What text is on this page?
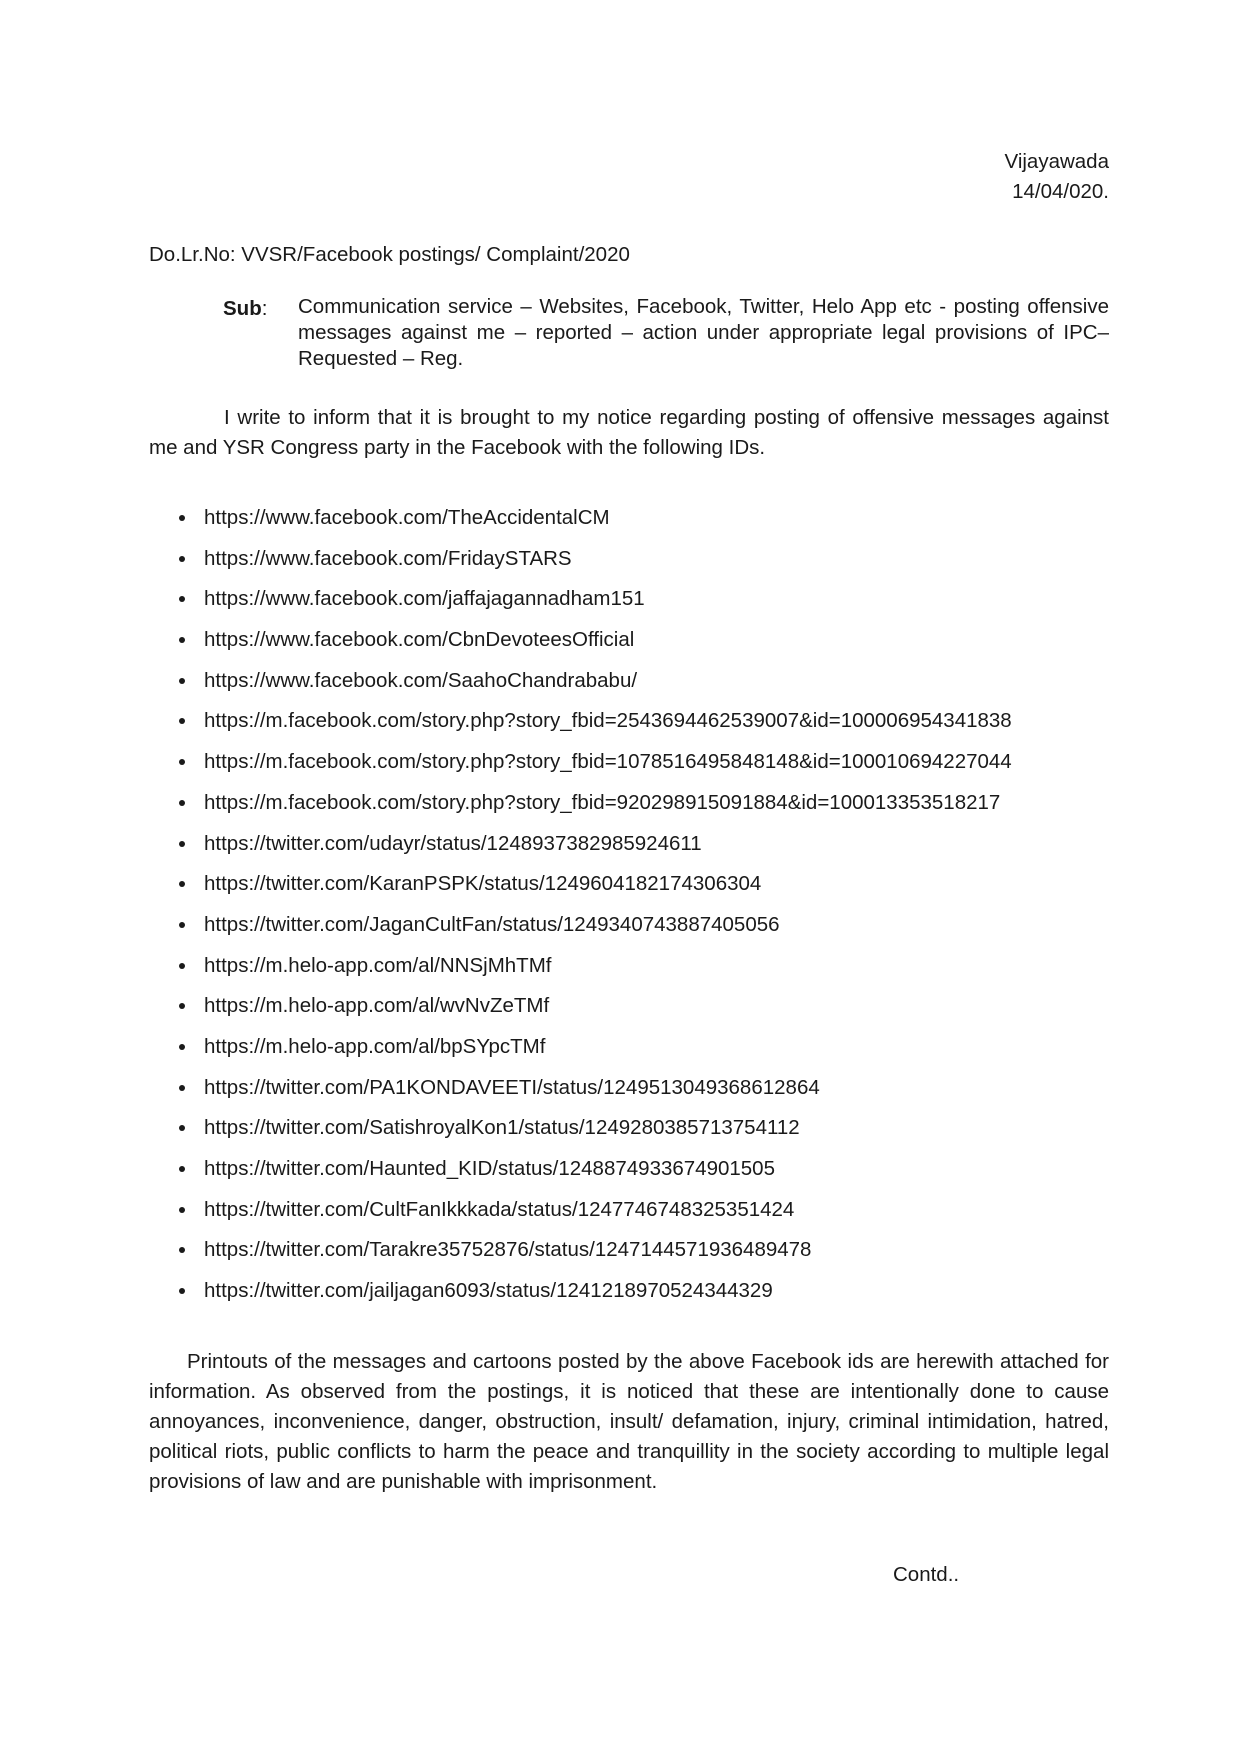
Vijayawada
14/04/020.
Do.Lr.No: VVSR/Facebook postings/ Complaint/2020
Sub: Communication service – Websites, Facebook, Twitter, Helo App etc - posting offensive messages against me – reported – action under appropriate legal provisions of IPC– Requested – Reg.
I write to inform that it is brought to my notice regarding posting of offensive messages against me and YSR Congress party in the Facebook with the following IDs.
https://www.facebook.com/TheAccidentalCM
https://www.facebook.com/FridaySTARS
https://www.facebook.com/jaffajagannadham151
https://www.facebook.com/CbnDevoteesOfficial
https://www.facebook.com/SaahoChandrababu/
https://m.facebook.com/story.php?story_fbid=2543694462539007&id=100006954341838
https://m.facebook.com/story.php?story_fbid=1078516495848148&id=100010694227044
https://m.facebook.com/story.php?story_fbid=920298915091884&id=100013353518217
https://twitter.com/udayr/status/1248937382985924611
https://twitter.com/KaranPSPK/status/1249604182174306304
https://twitter.com/JaganCultFan/status/1249340743887405056
https://m.helo-app.com/al/NNSjMhTMf
https://m.helo-app.com/al/wvNvZeTMf
https://m.helo-app.com/al/bpSYpcTMf
https://twitter.com/PA1KONDAVEETI/status/1249513049368612864
https://twitter.com/SatishroyalKon1/status/1249280385713754112
https://twitter.com/Haunted_KID/status/1248874933674901505
https://twitter.com/CultFanIkkkada/status/1247746748325351424
https://twitter.com/Tarakre35752876/status/1247144571936489478
https://twitter.com/jailjagan6093/status/1241218970524344329
Printouts of the messages and cartoons posted by the above Facebook ids are herewith attached for information. As observed from the postings, it is noticed that these are intentionally done to cause annoyances, inconvenience, danger, obstruction, insult/ defamation, injury, criminal intimidation, hatred, political riots, public conflicts to harm the peace and tranquillity in the society according to multiple legal provisions of law and are punishable with imprisonment.
Contd..
